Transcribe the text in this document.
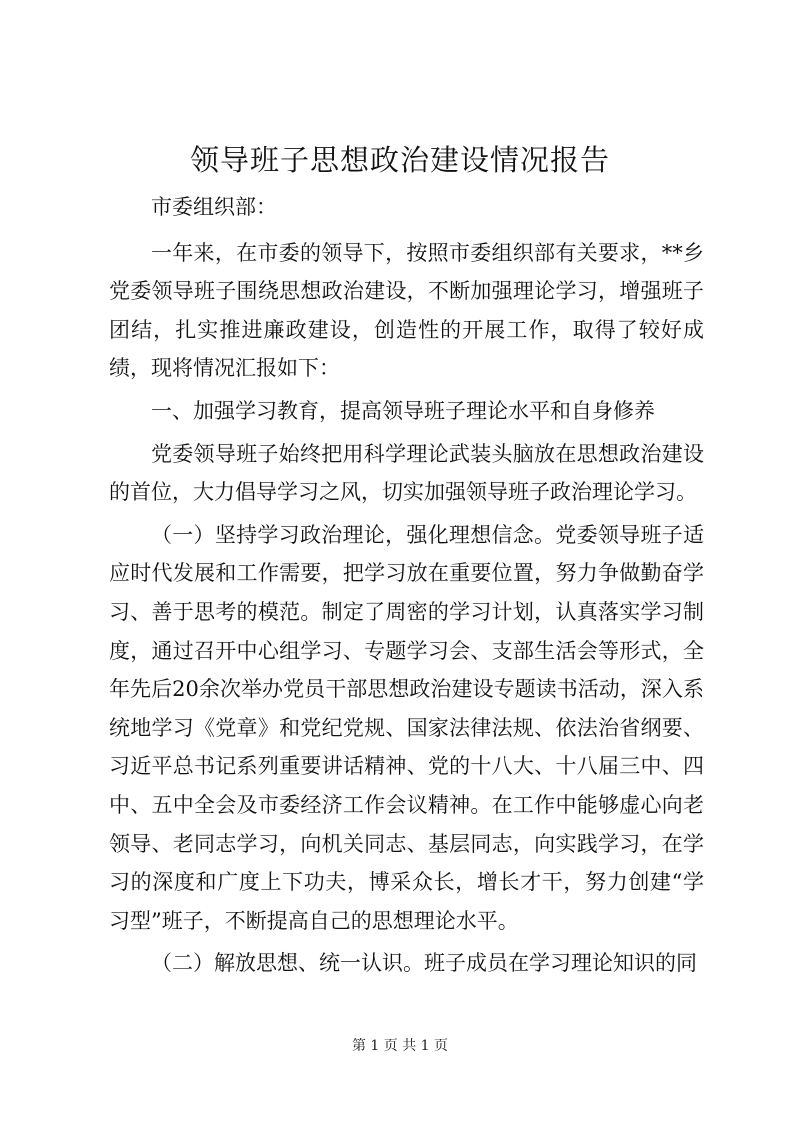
领导班子思想政治建设情况报告

市委组织部：

一年来，在市委的领导下，按照市委组织部有关要求，**乡党委领导班子围绕思想政治建设，不断加强理论学习，增强班子团结，扎实推进廉政建设，创造性的开展工作，取得了较好成绩，现将情况汇报如下：

一、加强学习教育，提高领导班子理论水平和自身修养

党委领导班子始终把用科学理论武装头脑放在思想政治建设的首位，大力倡导学习之风，切实加强领导班子政治理论学习。

（一）坚持学习政治理论，强化理想信念。党委领导班子适应时代发展和工作需要，把学习放在重要位置，努力争做勤奋学习、善于思考的模范。制定了周密的学习计划，认真落实学习制度，通过召开中心组学习、专题学习会、支部生活会等形式，全年先后20余次举办党员干部思想政治建设专题读书活动，深入系统地学习《党章》和党纪党规、国家法律法规、依法治省纲要、习近平总书记系列重要讲话精神、党的十八大、十八届三中、四中、五中全会及市委经济工作会议精神。在工作中能够虚心向老领导、老同志学习，向机关同志、基层同志，向实践学习，在学习的深度和广度上下功夫，博采众长，增长才干，努力创建“学习型”班子，不断提高自己的思想理论水平。

（二）解放思想、统一认识。班子成员在学习理论知识的同

第 1 页 共 1 页
